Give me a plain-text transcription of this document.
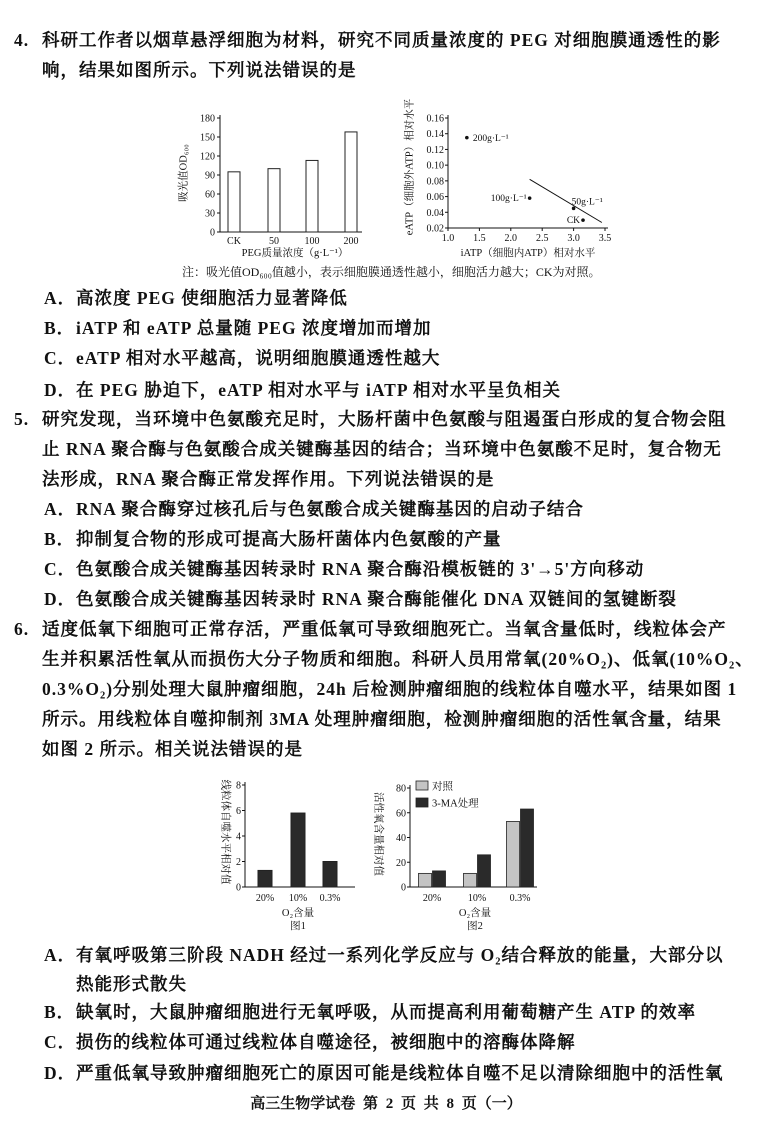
4. 科研工作者以烟草悬浮细胞为材料，研究不同质量浓度的 PEG 对细胞膜通透性的影
响，结果如图所示。下列说法错误的是
0
30
60
90
120
150
180
CK	50	100 200
吸光值OD₆₀₀
PEG质量浓度（g·L⁻¹）
1.0 1.5 2.0 2.5 3.0 3.5
0.02
0.04
0.06
0.08
0.10
0.12
0.14
0.16
200g·L⁻¹
100g·L⁻¹	50g·L⁻¹
CK
eATP（细胞外ATP）相对水平
iATP（细胞内ATP）相对水平
注：吸光值OD₆₀₀值越小，表示细胞膜通透性越小，细胞活力越大；CK为对照。
A．高浓度 PEG 使细胞活力显著降低
B．iATP 和 eATP 总量随 PEG 浓度增加而增加
C．eATP 相对水平越高，说明细胞膜通透性越大
D．在 PEG 胁迫下，eATP 相对水平与 iATP 相对水平呈负相关
5. 研究发现，当环境中色氨酸充足时，大肠杆菌中色氨酸与阻遏蛋白形成的复合物会阻
止 RNA 聚合酶与色氨酸合成关键酶基因的结合；当环境中色氨酸不足时，复合物无
法形成，RNA 聚合酶正常发挥作用。下列说法错误的是
A．RNA 聚合酶穿过核孔后与色氨酸合成关键酶基因的启动子结合
B．抑制复合物的形成可提高大肠杆菌体内色氨酸的产量
C．色氨酸合成关键酶基因转录时 RNA 聚合酶沿模板链的 3'→5'方向移动
D．色氨酸合成关键酶基因转录时 RNA 聚合酶能催化 DNA 双链间的氢键断裂
6. 适度低氧下细胞可正常存活，严重低氧可导致细胞死亡。当氧含量低时，线粒体会产
生并积累活性氧从而损伤大分子物质和细胞。科研人员用常氧(20%O₂)、低氧(10%O₂、
0.3%O₂)分别处理大鼠肿瘤细胞，24h 后检测肿瘤细胞的线粒体自噬水平，结果如图 1
所示。用线粒体自噬抑制剂 3MA 处理肿瘤细胞，检测肿瘤细胞的活性氧含量，结果
如图 2 所示。相关说法错误的是
0
2
4
6
8
20% 10% 0.3%
线粒体自噬水平相对值
O₂含量
图1
0
20
40
60
80
20%	10% 0.3%
对照
3-MA处理
活性氧含量相对值
O₂含量
图2
A．有氧呼吸第三阶段 NADH 经过一系列化学反应与 O₂结合释放的能量，大部分以
热能形式散失
B．缺氧时，大鼠肿瘤细胞进行无氧呼吸，从而提高利用葡萄糖产生 ATP 的效率
C．损伤的线粒体可通过线粒体自噬途径，被细胞中的溶酶体降解
D．严重低氧导致肿瘤细胞死亡的原因可能是线粒体自噬不足以清除细胞中的活性氧
高三生物学试卷 第 2 页 共 8 页（一）
